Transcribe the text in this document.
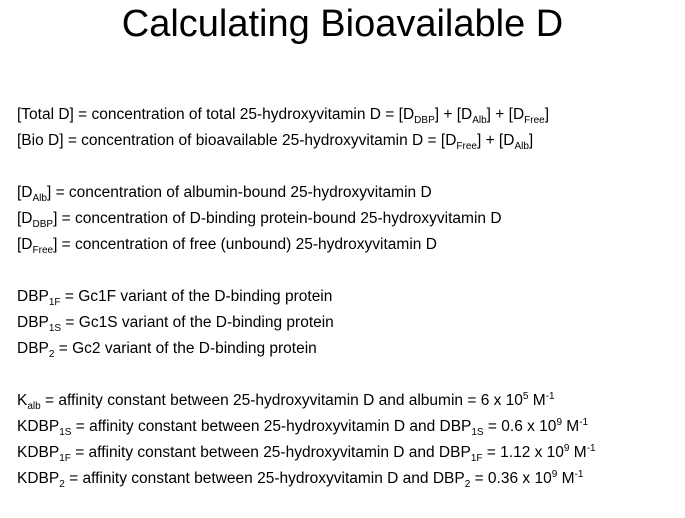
Calculating Bioavailable D
[Total D] = concentration of total 25-hydroxyvitamin $D = [D_{DBP}] + [D_{Alb}] + [D_{Free}]$
[Bio D] = concentration of bioavailable 25-hydroxyvitamin $D = [D_{Free}] + [D_{Alb}]$
$[D_{Alb}]$ = concentration of albumin-bound 25-hydroxyvitamin D
$[D_{DBP}]$ = concentration of D-binding protein-bound 25-hydroxyvitamin D
$[D_{Free}]$ = concentration of free (unbound) 25-hydroxyvitamin D
$DBP_{1F} = Gc1F$ variant of the D-binding protein
$DBP_{1S} = Gc1S$ variant of the D-binding protein
$DBP_2 = Gc2$ variant of the D-binding protein
$K_{alb}$ = affinity constant between 25-hydroxyvitamin D and albumin = 6 x $10^5$ $M^{-1}$
$KDBP_{1S}$ = affinity constant between 25-hydroxyvitamin D and $DBP_{1S} = 0.6$ x $10^9$ $M^{-1}$
$KDBP_{1F}$ = affinity constant between 25-hydroxyvitamin D and $DBP_{1F} = 1.12$ x $10^9$ $M^{-1}$
$KDBP_2$ = affinity constant between 25-hydroxyvitamin D and $DBP_2 = 0.36$ x $10^9$ $M^{-1}$
